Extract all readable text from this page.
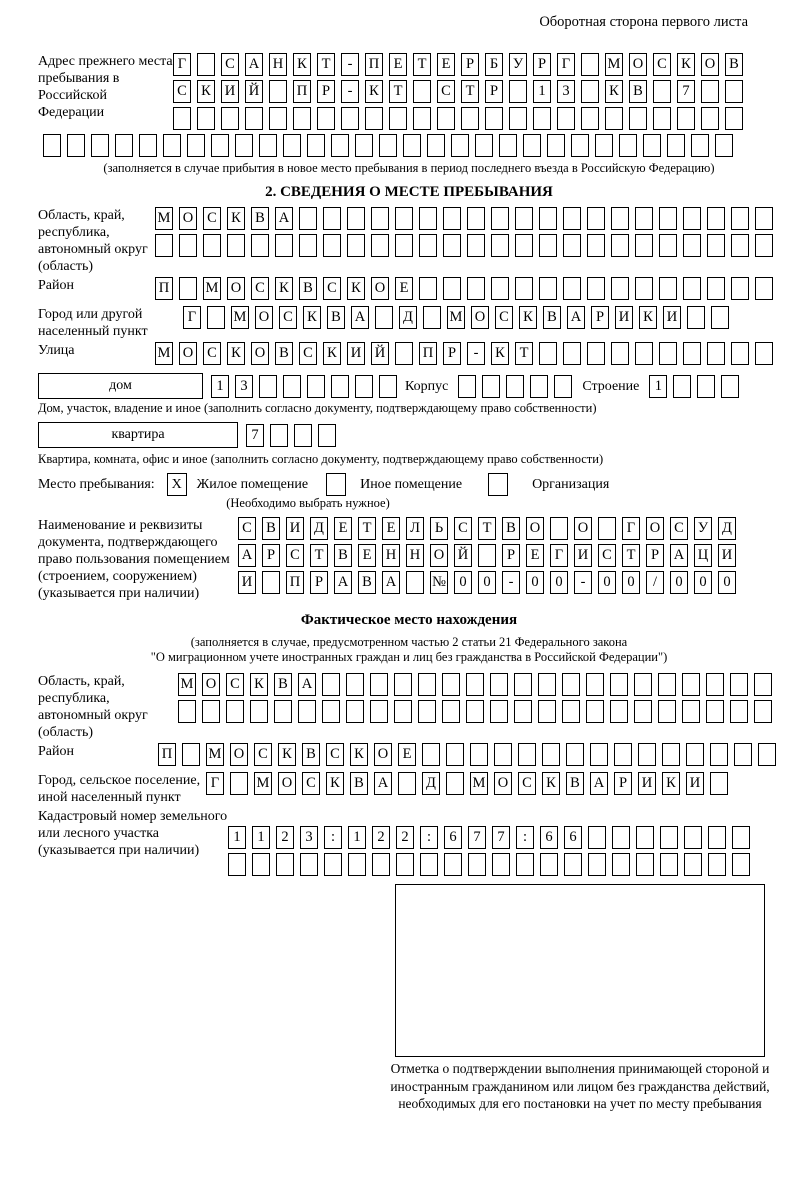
Оборотная сторона первого листа
Адрес прежнего места пребывания в Российской Федерации
Г	С А Н К	Т	-	П Е	Т	Е	Р	Б	У	Р	Г	М О С К О В
С К И Й	П	Р	-	К	Т	С	Т	Р	1	3	К В	7
(заполняется в случае прибытия в новое место пребывания в период последнего въезда в Российскую Федерацию)
2. СВЕДЕНИЯ О МЕСТЕ ПРЕБЫВАНИЯ
Область, край, республика, автономный округ (область)
М О С К В А
Район	П	М О С К В С К О Е
Город или другой населенный пункт
Г	М О С К В А	Д	М О С К В А	Р	И К И
Улица	М О С К О В С К И Й	П	Р	-	К	Т
дом	1	3	Корпус	Строение	1
Дом, участок, владение и иное (заполнить согласно документу, подтверждающему право собственности)
квартира	7
Квартира, комната, офис и иное (заполнить согласно документу, подтверждающему право собственности)
Место пребывания:	X	Жилое помещение	Иное помещение	Организация
(Необходимо выбрать нужное)
Наименование и реквизиты документа, подтверждающего право пользования помещением (строением, сооружением) (указывается при наличии)
С В И Д	Е	Т	Е	Л	Ь	С	Т	В О	О	Г	О С У Д
А	Р	С	Т	В	Е Н Н О Й	Р	Е	Г	И С	Т	Р	А Ц И
И	П	Р	А В А № 0	0	-	0	0	-	0	0	/	0	0	0
Фактическое место нахождения
(заполняется в случае, предусмотренном частью 2 статьи 21 Федерального закона
"О миграционном учете иностранных граждан и лиц без гражданства в Российской Федерации")
Область, край, республика, автономный округ (область)
М О С К В А
Район	П	М О С К В С К О Е
Город, сельское поселение, иной населенный пункт
Г	М О С К В А	Д	М О С К В А	Р	И К И
Кадастровый номер земельного или лесного участка (указывается при наличии)
1	1	2	3	:	1	2	2	:	6	7	7	:	6	6
Отметка о подтверждении выполнения принимающей стороной и иностранным гражданином или лицом без гражданства действий, необходимых для его постановки на учет по месту пребывания
